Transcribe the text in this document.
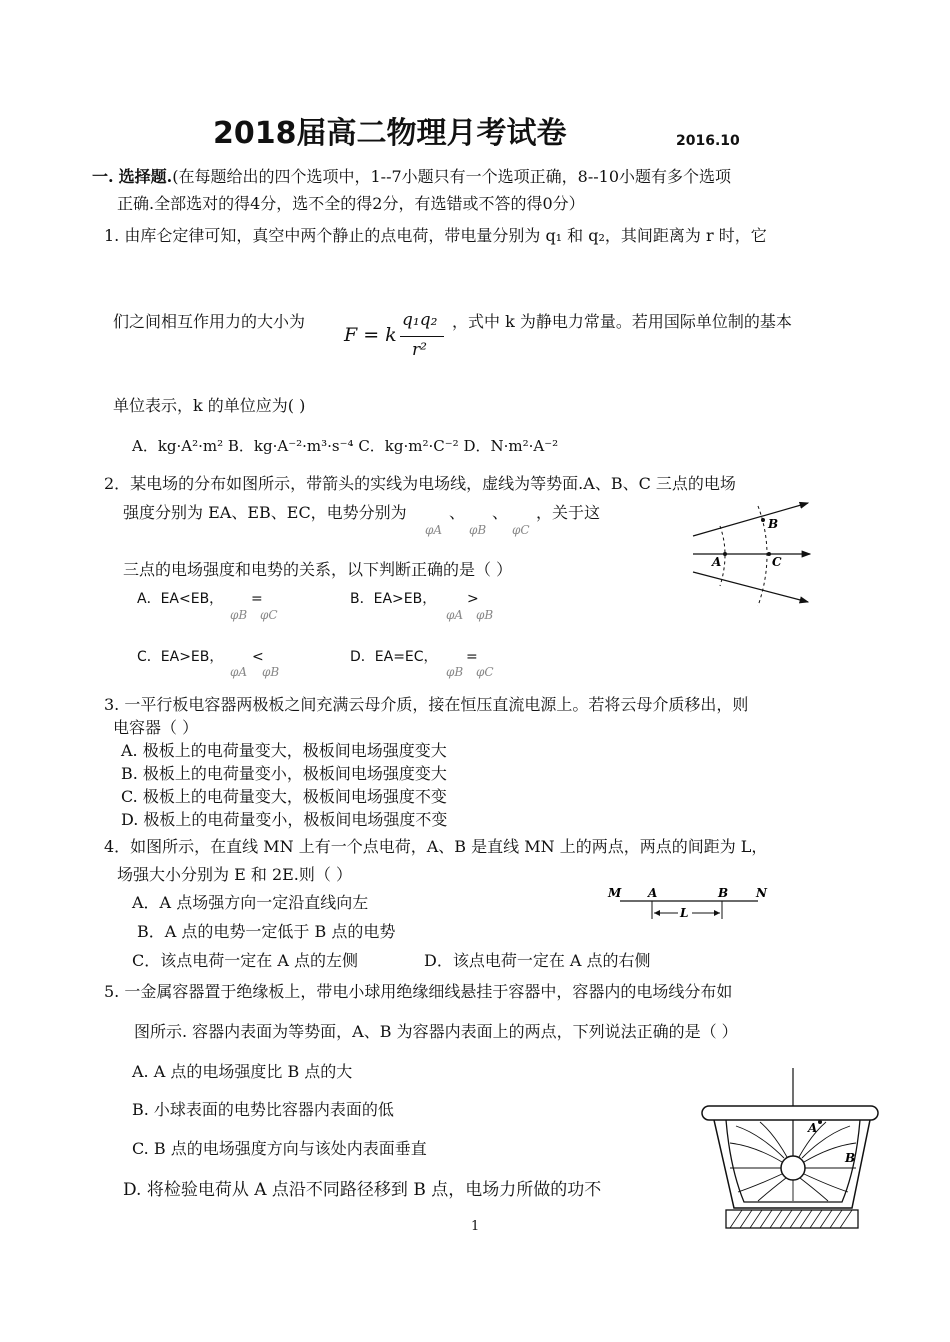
2018届高二物理月考试卷	2016.10
一. 选择题.(在每题给出的四个选项中，1--7小题只有一个选项正确，8--10小题有多个选项
正确.全部选对的得4分，选不全的得2分，有选错或不答的得0分）
1. 由库仑定律可知，真空中两个静止的点电荷，带电量分别为 q₁ 和 q₂，其间距离为 r 时，它
们之间相互作用力的大小为
F = k
q₁q₂
r²
，式中 k 为静电力常量。若用国际单位制的基本
单位表示，k 的单位应为( )
A．kg·A²·m² B．kg·A⁻²·m³·s⁻⁴ C．kg·m²·C⁻² D．N·m²·A⁻²
2．某电场的分布如图所示，带箭头的实线为电场线，虚线为等势面.A、B、C 三点的电场
强度分别为 EA、EB、EC，电势分别为	、 、 ，关于这
φA φB φC
三点的电场强度和电势的关系，以下判断正确的是（ ）
A．EA<EB， =
φB φC
B．EA>EB， >
φA φB
C．EA>EB， <
φA φB
D．EA=EC， =
φB φC
A
B
C
3. 一平行板电容器两极板之间充满云母介质，接在恒压直流电源上。若将云母介质移出，则
电容器（ ）
A. 极板上的电荷量变大，极板间电场强度变大
B. 极板上的电荷量变小，极板间电场强度变大
C. 极板上的电荷量变大，极板间电场强度不变
D. 极板上的电荷量变小，极板间电场强度不变
4．如图所示，在直线 MN 上有一个点电荷，A、B 是直线 MN 上的两点，两点的间距为 L，
场强大小分别为 E 和 2E.则（ ）
A．A 点场强方向一定沿直线向左
B．A 点的电势一定低于 B 点的电势
C．该点电荷一定在 A 点的左侧	D．该点电荷一定在 A 点的右侧
M A	B N
L
5. 一金属容器置于绝缘板上，带电小球用绝缘细线悬挂于容器中，容器内的电场线分布如
图所示. 容器内表面为等势面，A、B 为容器内表面上的两点，下列说法正确的是（ ）
A. A 点的电场强度比 B 点的大
B. 小球表面的电势比容器内表面的低
C. B 点的电场强度方向与该处内表面垂直
D. 将检验电荷从 A 点沿不同路径移到 B 点，电场力所做的功不
A
B
1
